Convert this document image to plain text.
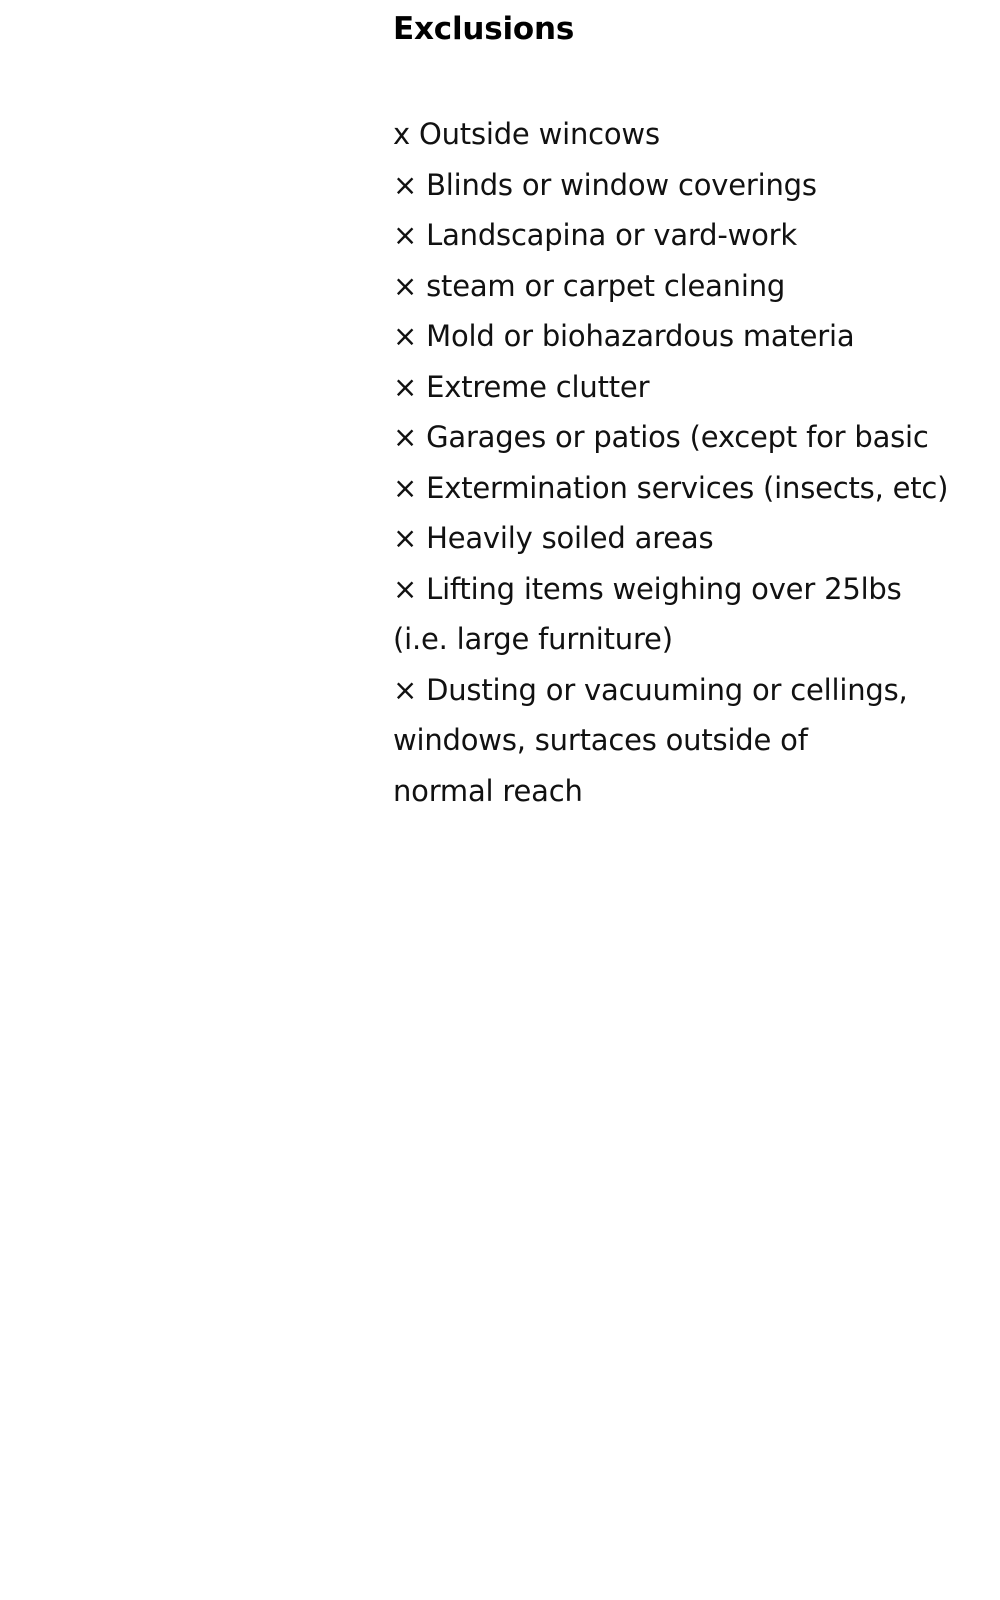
Exclusions
x Outside wincows
× Blinds or window coverings
× Landscapina or vard-work
× steam or carpet cleaning
× Mold or biohazardous materia
× Extreme clutter
× Garages or patios (except for basic
× Extermination services (insects, etc)
× Heavily soiled areas
× Lifting items weighing over 25lbs
(i.e. large furniture)
× Dusting or vacuuming or cellings,
windows, surtaces outside of
normal reach
